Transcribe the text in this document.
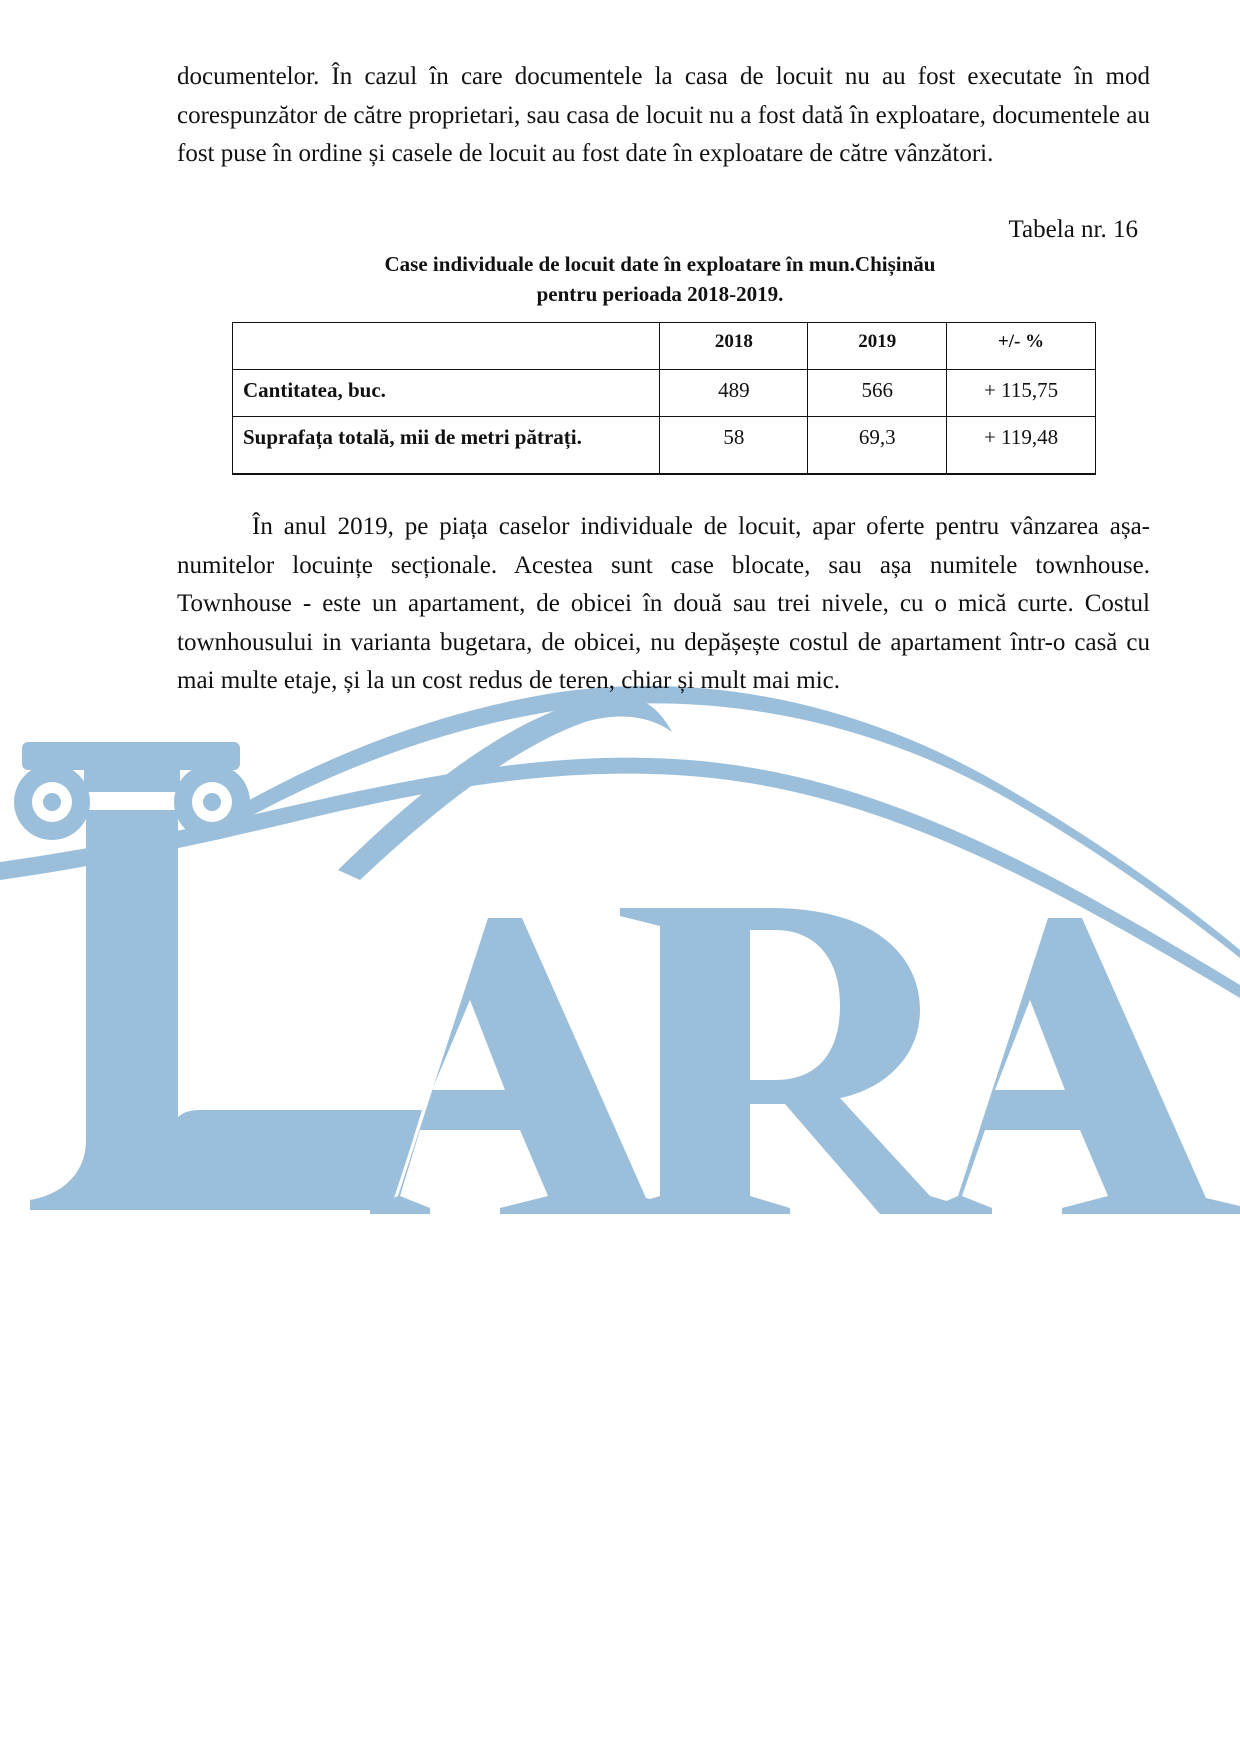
documentelor. În cazul în care documentele la casa de locuit nu au fost executate în mod corespunzător de către proprietari, sau casa de locuit nu a fost dată în exploatare, documentele au fost puse în ordine și casele de locuit au fost date în exploatare de către vânzători.

Tabela nr. 16

Case individuale de locuit date în exploatare în mun.Chișinău
pentru perioada 2018-2019.
	2018	2019	+/- %
Cantitatea, buc.	489	566	+ 115,75
Suprafața totală, mii de metri pătrați.	58	69,3	+ 119,48

În anul 2019, pe piața caselor individuale de locuit, apar oferte pentru vânzarea așa-numitelor locuințe secționale. Acestea sunt case blocate, sau așa numitele townhouse. Townhouse - este un apartament, de obicei în două sau trei nivele, cu o mică curte. Costul townhousului in varianta bugetara, de obicei, nu depășește costul de apartament într-o casă cu mai multe etaje, și la un cost redus de teren, chiar și mult mai mic.
